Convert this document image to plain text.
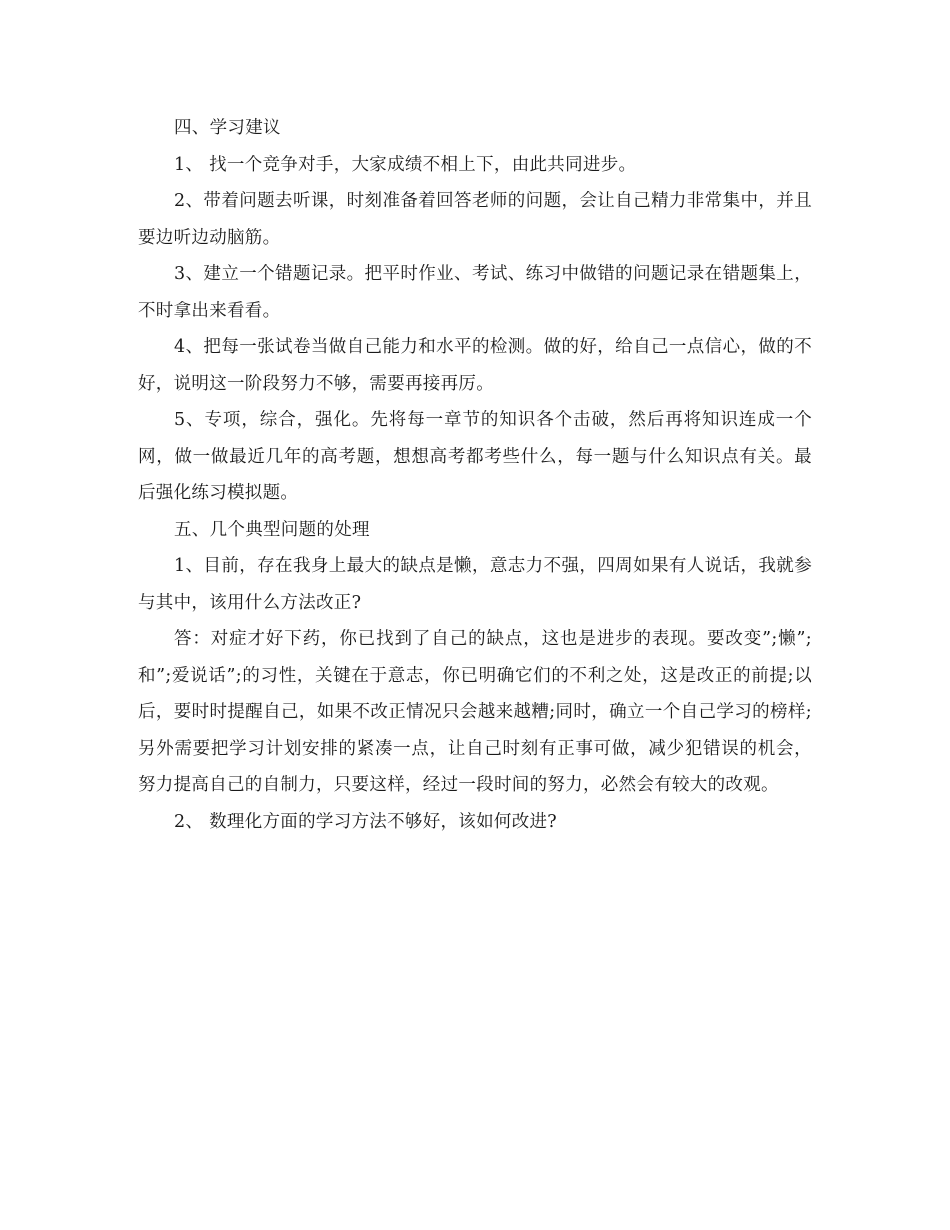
四、学习建议

1、 找一个竞争对手，大家成绩不相上下，由此共同进步。

2、带着问题去听课，时刻准备着回答老师的问题，会让自己精力非常集中，并且要边听边动脑筋。

3、建立一个错题记录。把平时作业、考试、练习中做错的问题记录在错题集上，不时拿出来看看。

4、把每一张试卷当做自己能力和水平的检测。做的好，给自己一点信心，做的不好，说明这一阶段努力不够，需要再接再厉。

5、专项，综合，强化。先将每一章节的知识各个击破，然后再将知识连成一个网，做一做最近几年的高考题，想想高考都考些什么，每一题与什么知识点有关。最后强化练习模拟题。

五、几个典型问题的处理

1、目前，存在我身上最大的缺点是懒，意志力不强，四周如果有人说话，我就参与其中，该用什么方法改正?

答：对症才好下药，你已找到了自己的缺点，这也是进步的表现。要改变”;懒”;和”;爱说话”;的习性，关键在于意志，你已明确它们的不利之处，这是改正的前提;以后，要时时提醒自己，如果不改正情况只会越来越糟;同时，确立一个自己学习的榜样;另外需要把学习计划安排的紧凑一点，让自己时刻有正事可做，减少犯错误的机会，努力提高自己的自制力，只要这样，经过一段时间的努力，必然会有较大的改观。

2、 数理化方面的学习方法不够好，该如何改进?
